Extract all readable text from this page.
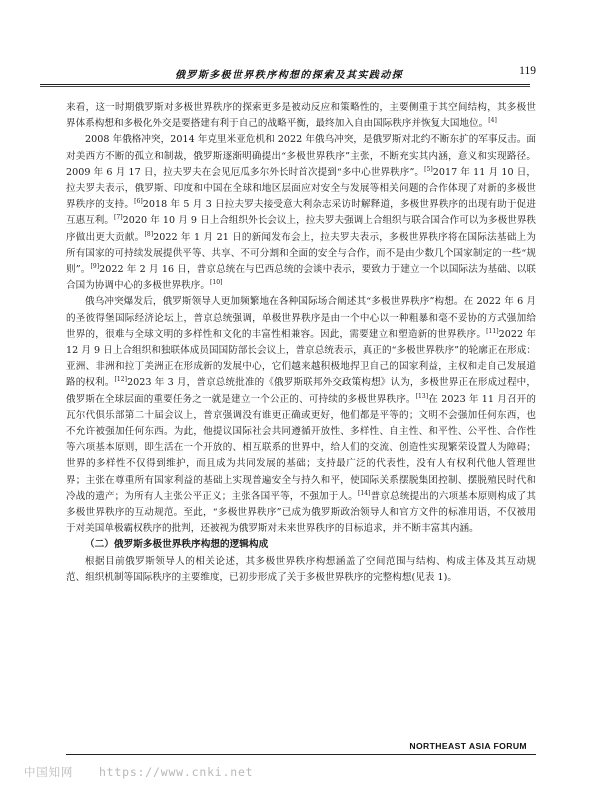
俄罗斯多极世界秩序构想的探索及其实践动探	119

来看，这一时期俄罗斯对多极世界秩序的探索更多是被动反应和策略性的，主要侧重于其空间结构，其多极世界体系构想和多极化外交是要搭建有利于自己的战略平衡，最终加入自由国际秩序并恢复大国地位。[4]

2008 年俄格冲突，2014 年克里米亚危机和 2022 年俄乌冲突，是俄罗斯对北约不断东扩的军事反击。面对美西方不断的孤立和制裁，俄罗斯逐渐明确提出“多极世界秩序”主张，不断充实其内涵，意义和实现路径。2009 年 6 月 17 日，拉夫罗夫在会见厄瓜多尔外长时首次提到“多中心世界秩序”。[5]2017 年 11 月 10 日，拉夫罗夫表示，俄罗斯、印度和中国在全球和地区层面应对安全与发展等相关问题的合作体现了对新的多极世界秩序的支持。[6]2018 年 5 月 3 日拉夫罗夫接受意大利杂志采访时解释道，多极世界秩序的出现有助于促进互惠互利。[7]2020 年 10 月 9 日上合组织外长会议上，拉夫罗夫强调上合组织与联合国合作可以为多极世界秩序做出更大贡献。[8]2022 年 1 月 21 日的新闻发布会上，拉夫罗夫表示，多极世界秩序将在国际法基础上为所有国家的可持续发展提供平等、共享、不可分割和全面的安全与合作，而不是由少数几个国家制定的一些“规则”。[9]2022 年 2 月 16 日，普京总统在与巴西总统的会谈中表示，要致力于建立一个以国际法为基础、以联合国为协调中心的多极世界秩序。[10]

俄乌冲突爆发后，俄罗斯领导人更加频繁地在各种国际场合阐述其“多极世界秩序”构想。在 2022 年 6 月的圣彼得堡国际经济论坛上，普京总统强调，单极世界秩序是由一个中心以一种粗暴和毫不妥协的方式强加给世界的，很难与全球文明的多样性和文化的丰富性相兼容。因此，需要建立和塑造新的世界秩序。[11]2022 年 12 月 9 日上合组织和独联体成员国国防部长会议上，普京总统表示，真正的“多极世界秩序”的轮廓正在形成：亚洲、非洲和拉丁美洲正在形成新的发展中心，它们越来越积极地捍卫自己的国家利益，主权和走自己发展道路的权利。[12]2023 年 3 月，普京总统批准的《俄罗斯联邦外交政策构想》认为，多极世界正在形成过程中，俄罗斯在全球层面的重要任务之一就是建立一个公正的、可持续的多极世界秩序。[13]在 2023 年 11 月召开的瓦尔代俱乐部第二十届会议上，普京强调没有谁更正确或更好，他们都是平等的；文明不会强加任何东西，也不允许被强加任何东西。为此，他提议国际社会共同遵循开放性、多样性、自主性、和平性、公平性、合作性等六项基本原则，即生活在一个开放的、相互联系的世界中，给人们的交流、创造性实现繁荣设置人为障碍；世界的多样性不仅得到维护，而且成为共同发展的基础；支持最广泛的代表性，没有人有权利代他人管理世界；主张在尊重所有国家利益的基础上实现普遍安全与持久和平，使国际关系摆脱集团控制、摆脱殖民时代和冷战的遗产；为所有人主张公平正义；主张各国平等，不强加于人。[14]普京总统提出的六项基本原则构成了其多极世界秩序的互动规范。至此，“多极世界秩序”已成为俄罗斯政治领导人和官方文件的标准用语，不仅被用于对美国单极霸权秩序的批判，还被视为俄罗斯对未来世界秩序的目标追求，并不断丰富其内涵。

（二）俄罗斯多极世界秩序构想的逻辑构成

根据目前俄罗斯领导人的相关论述，其多极世界秩序构想涵盖了空间范围与结构、构成主体及其互动规范、组织机制等国际秩序的主要维度，已初步形成了关于多极世界秩序的完整构想(见表 1)。

NORTHEAST ASIA FORUM
中国知网 https://www.cnki.net
